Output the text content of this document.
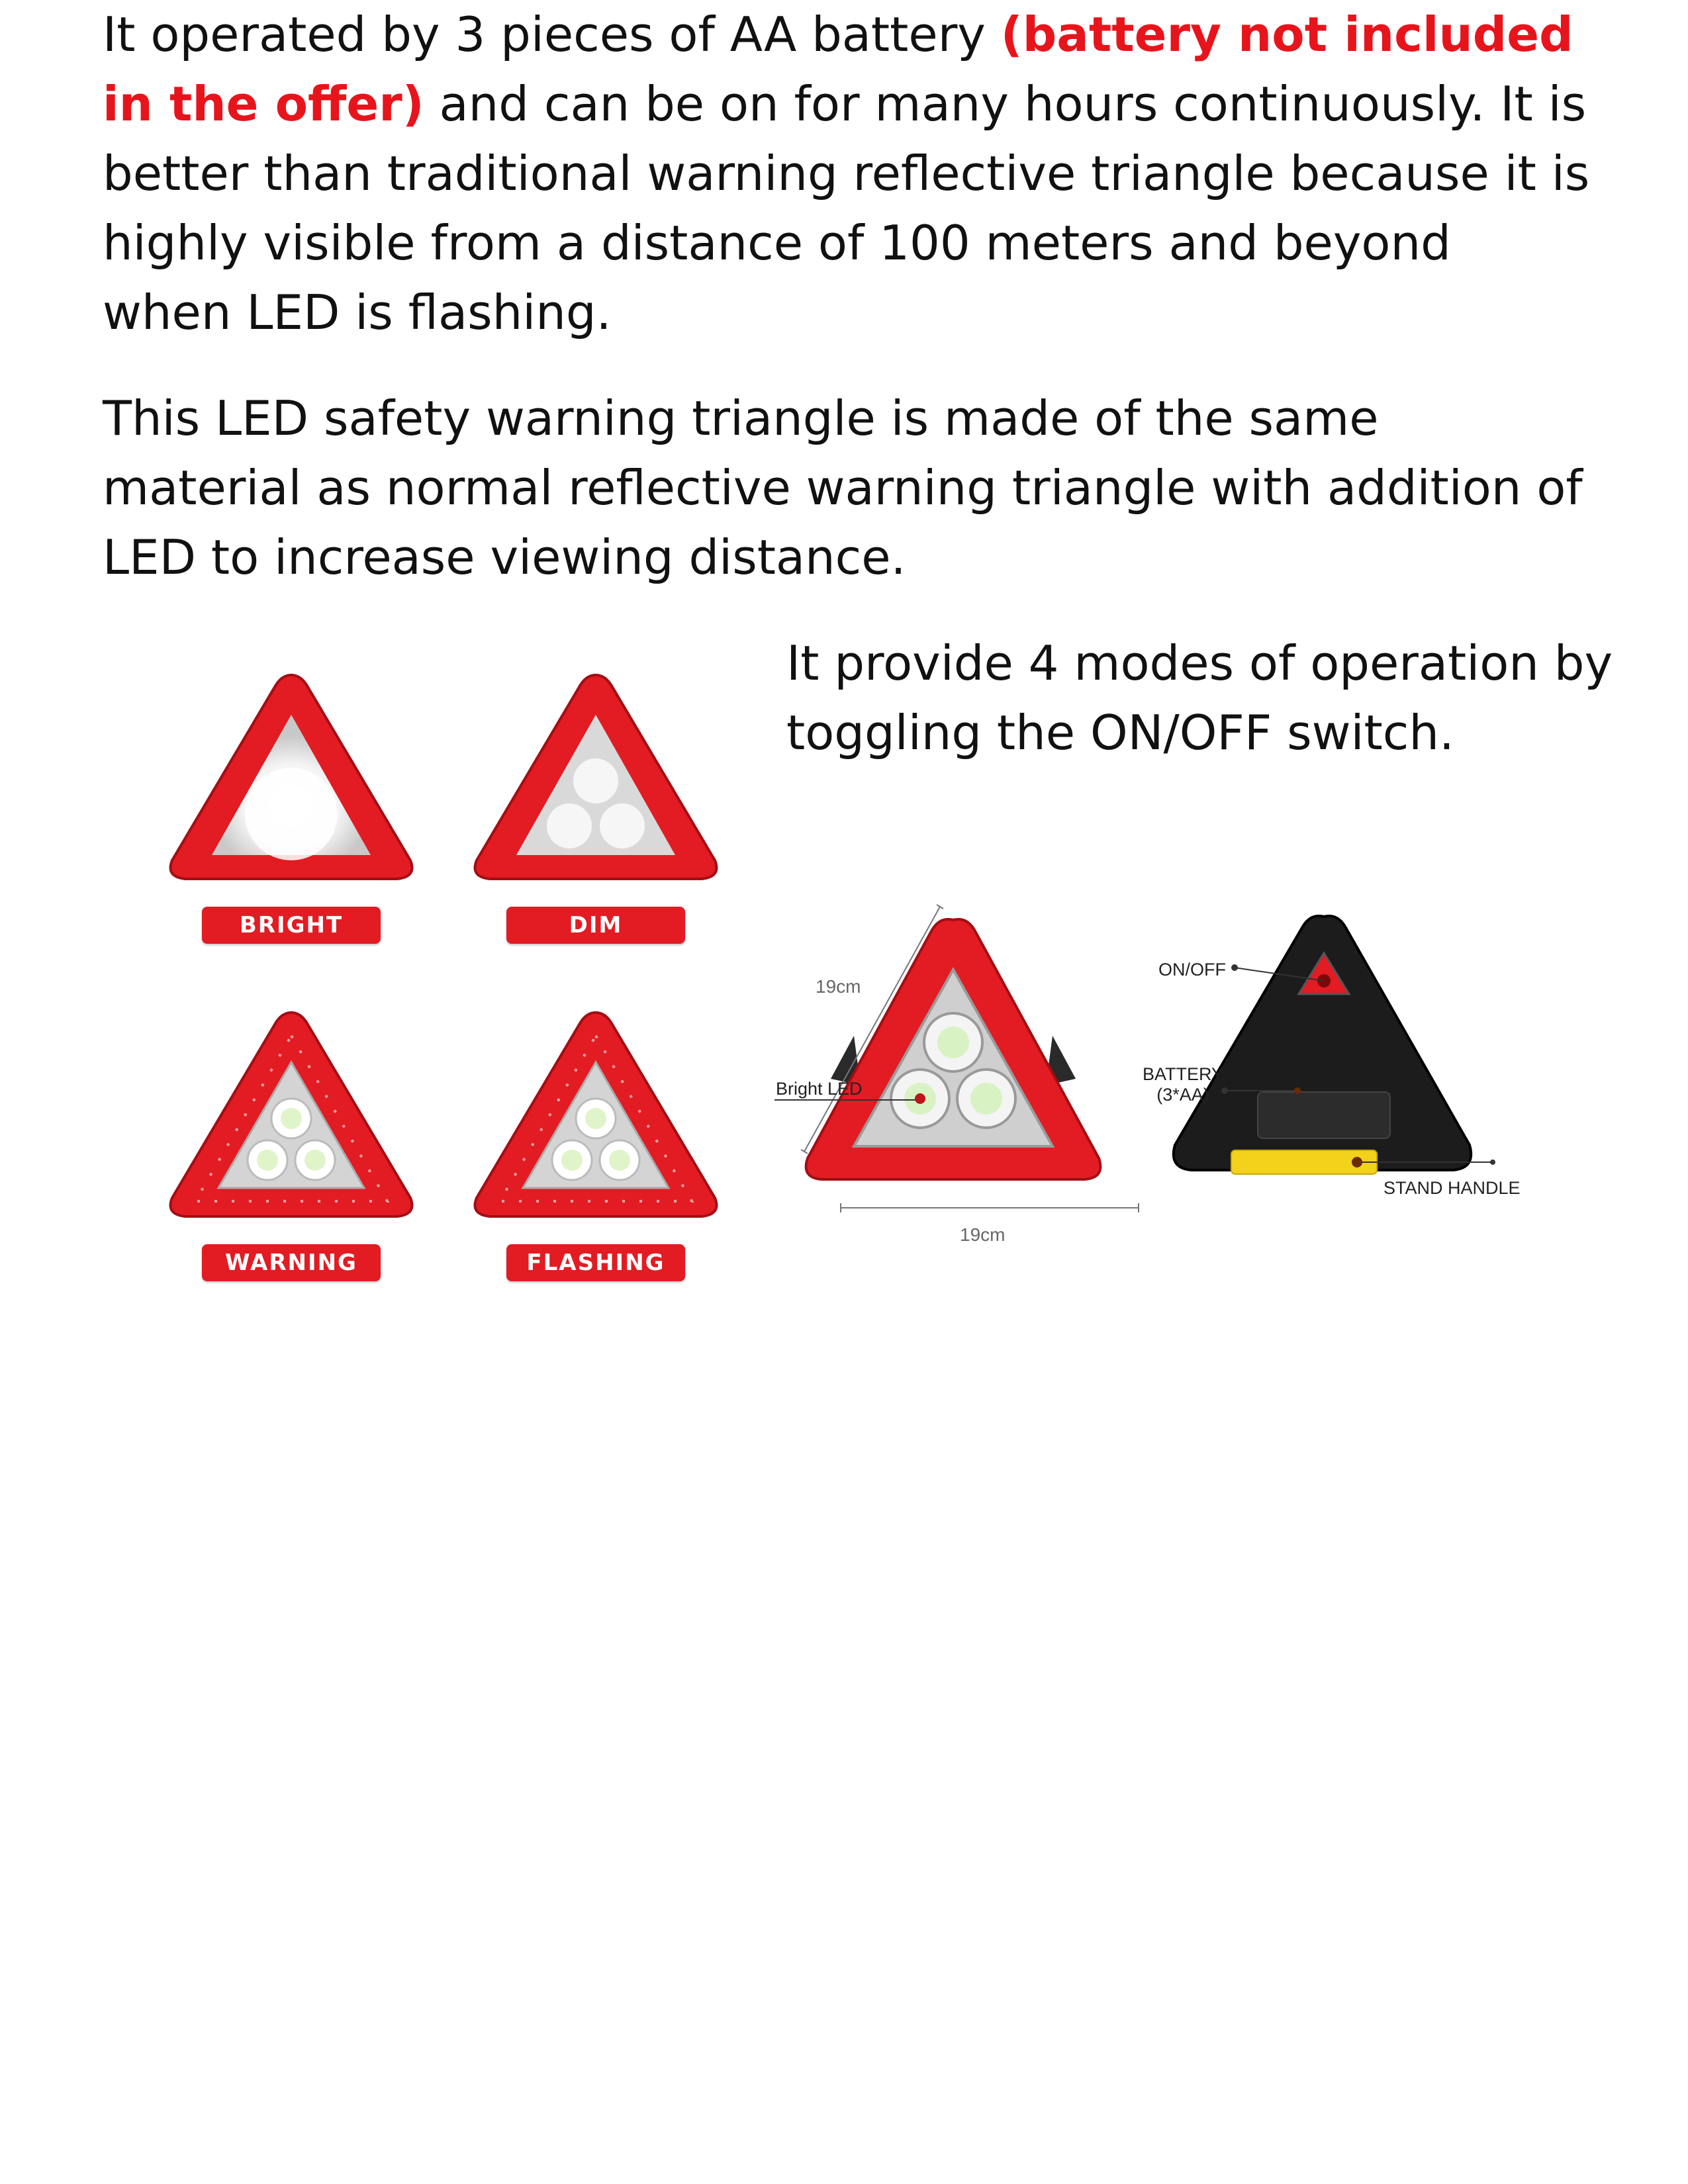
It operated by 3 pieces of AA battery (battery not included in the offer) and can be on for many hours continuously. It is better than traditional warning reflective triangle because it is highly visible from a distance of 100 meters and beyond when LED is flashing.

This LED safety warning triangle is made of the same material as normal reflective warning triangle with addition of LED to increase viewing distance.

It provide 4 modes of operation by toggling the ON/OFF switch.

BRIGHT	DIM
WARNING	FLASHING
19cm
19cm
Bright LED
ON/OFF
BATTERY
(3*AA)
STAND HANDLE
